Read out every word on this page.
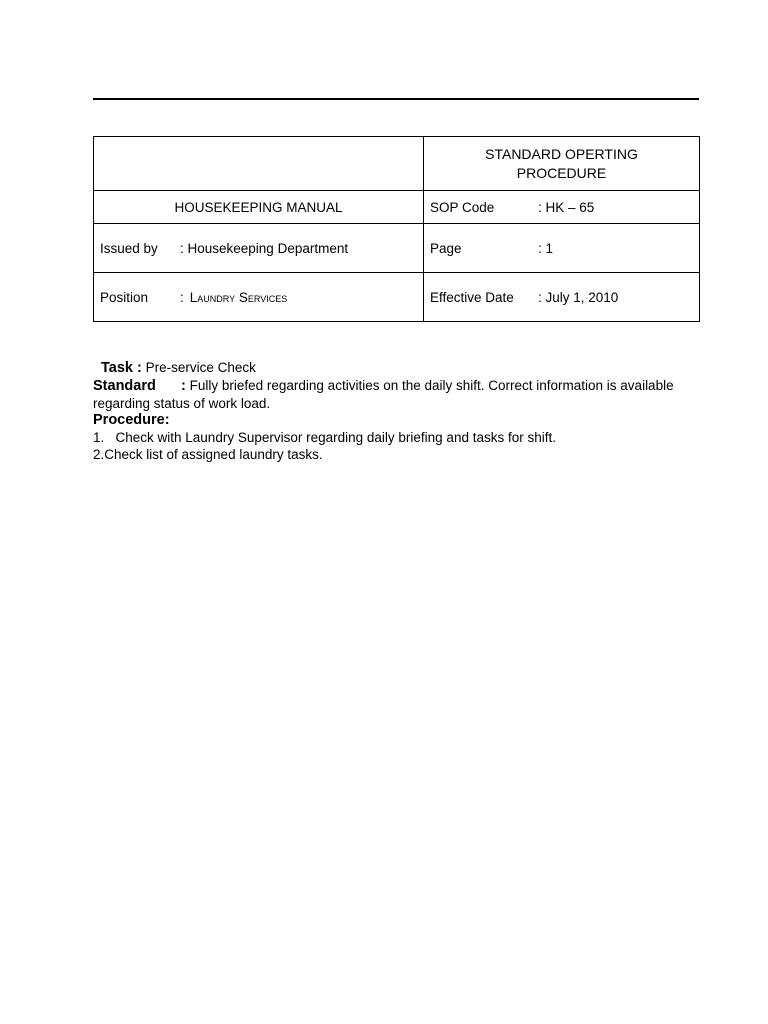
	STANDARD OPERTING
PROCEDURE

HOUSEKEEPING MANUAL	SOP Code : HK – 65

Issued by : Housekeeping Department	Page : 1

Position : Laundry Services	Effective Date : July 1, 2010
Task : Pre-service Check
Standard : Fully briefed regarding activities on the daily shift. Correct information is available regarding status of work load.
Procedure:
1.   Check with Laundry Supervisor regarding daily briefing and tasks for shift.
2.Check list of assigned laundry tasks.
